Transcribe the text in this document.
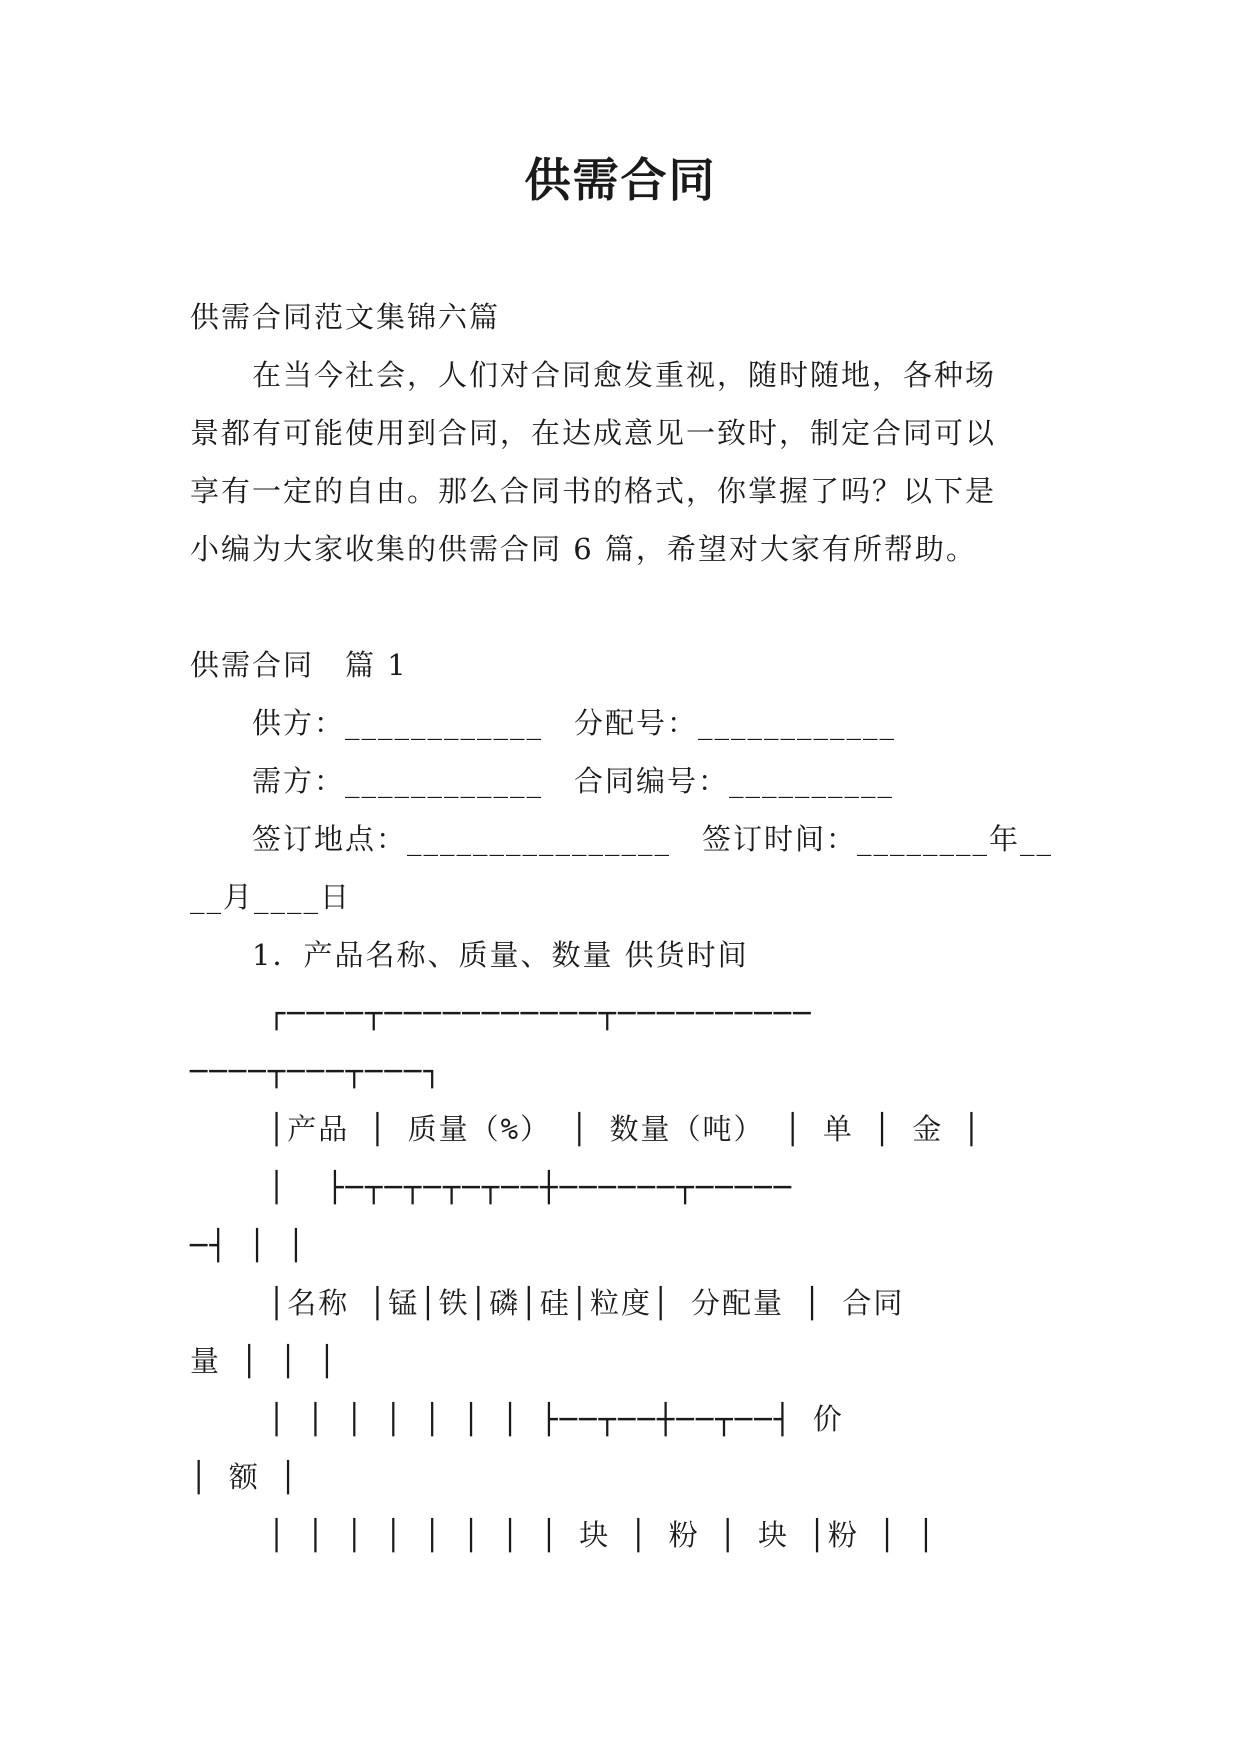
供需合同

供需合同范文集锦六篇

　　在当今社会，人们对合同愈发重视，随时随地，各种场

景都有可能使用到合同，在达成意见一致时，制定合同可以

享有一定的自由。那么合同书的格式，你掌握了吗？以下是

小编为大家收集的供需合同 6 篇，希望对大家有所帮助。

供需合同　篇 1

　　供方：____________　分配号：____________

　　需方：____________　合同编号：__________

　　签订地点：________________　签订时间：________年__

__月____日

　　1．产品名称、质量、数量 供货时间

┌────┬───────────┬──────────

────┬───┬───┐

│产品 │ 质量（%） │ 数量（吨） │ 单 │ 金 │

│  ├─┬─┬─┬─┬──┼──────┬─────

─┤ │ │

│名称 │锰│铁│磷│硅│粒度│ 分配量 │ 合同

量 │ │ │

│ │ │ │ │ │ │ ├──┬──┼──┬──┤ 价

│ 额 │

│ │ │ │ │ │ │ │ 块 │ 粉 │ 块 │粉 │ │
